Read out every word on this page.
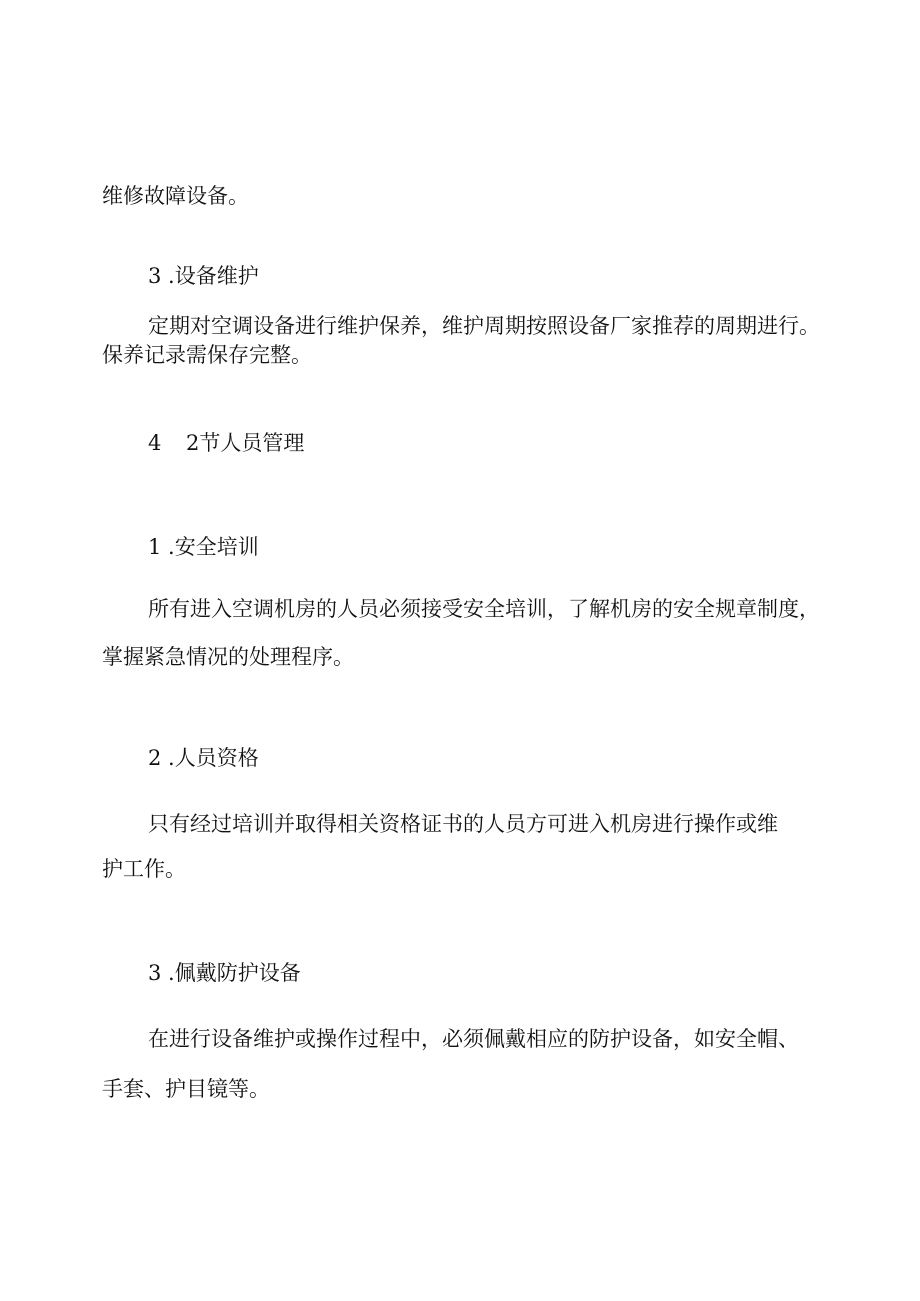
维修故障设备。

3 .设备维护

定期对空调设备进行维护保养，维护周期按照设备厂家推荐的周期进行。

保养记录需保存完整。

4 2节人员管理

1 .安全培训

所有进入空调机房的人员必须接受安全培训，了解机房的安全规章制度，

掌握紧急情况的处理程序。

2 .人员资格

只有经过培训并取得相关资格证书的人员方可进入机房进行操作或维

护工作。

3 .佩戴防护设备

在进行设备维护或操作过程中，必须佩戴相应的防护设备，如安全帽、

手套、护目镜等。
